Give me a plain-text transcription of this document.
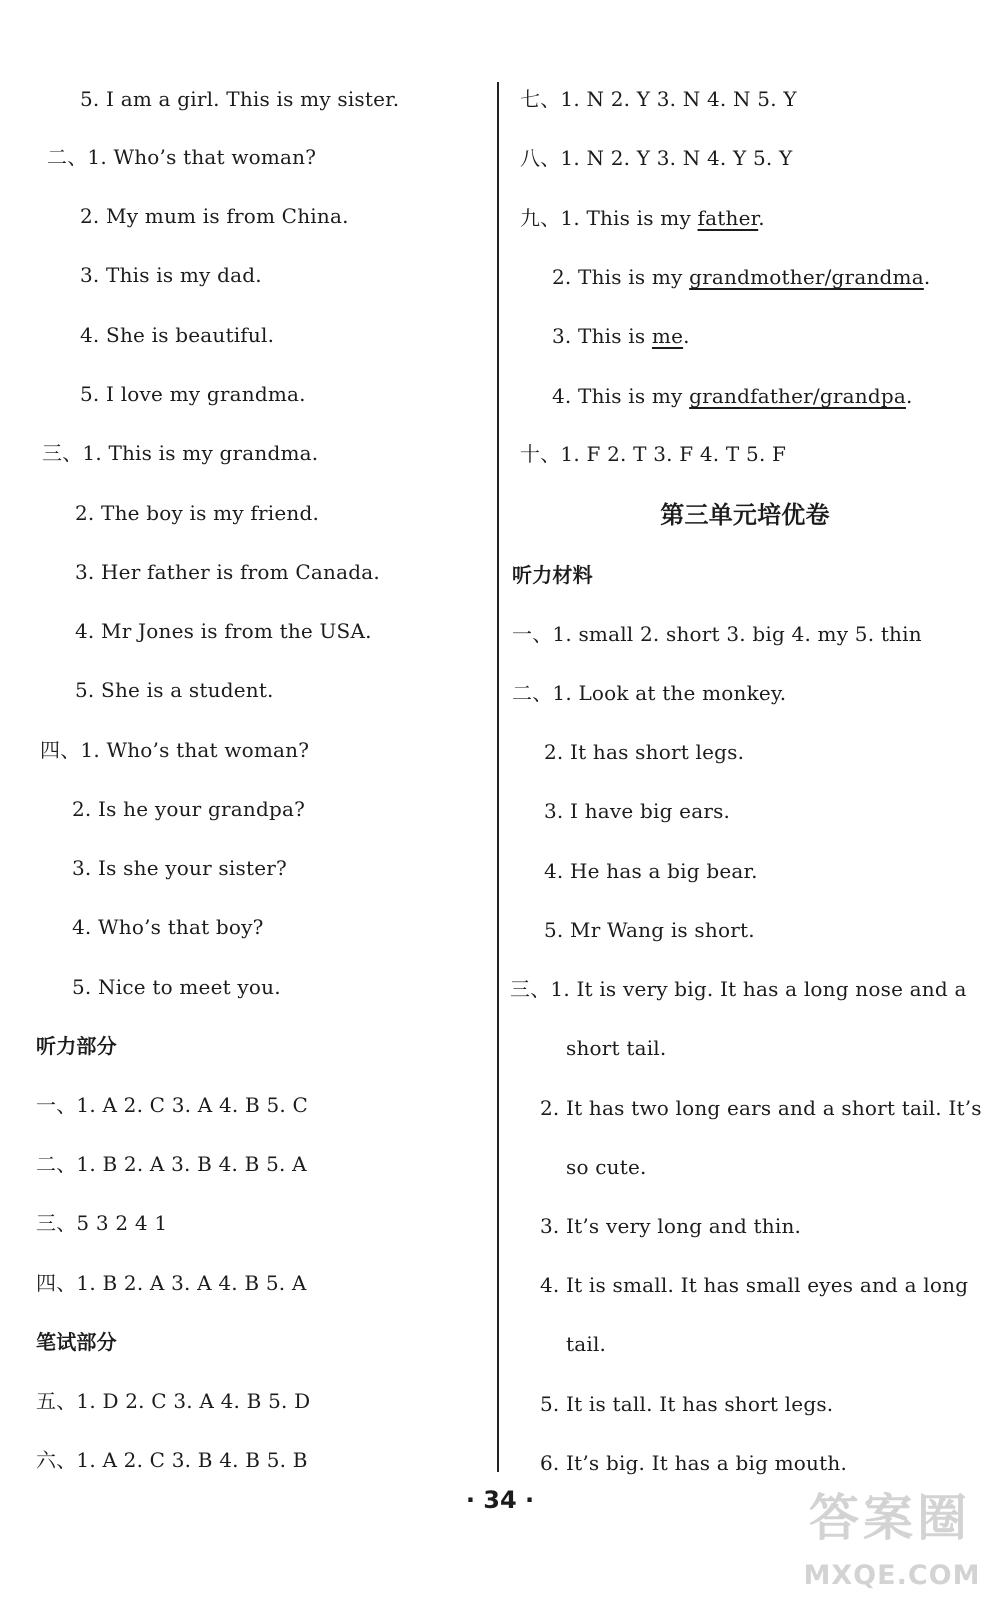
5. I am a girl. This is my sister.
二、1. Who’s that woman?
2. My mum is from China.
3. This is my dad.
4. She is beautiful.
5. I love my grandma.
三、1. This is my grandma.
2. The boy is my friend.
3. Her father is from Canada.
4. Mr Jones is from the USA.
5. She is a student.
四、1. Who’s that woman?
2. Is he your grandpa?
3. Is she your sister?
4. Who’s that boy?
5. Nice to meet you.
听力部分
一、1. A 2. C 3. A 4. B 5. C
二、1. B 2. A 3. B 4. B 5. A
三、5 3 2 4 1
四、1. B 2. A 3. A 4. B 5. A
笔试部分
五、1. D 2. C 3. A 4. B 5. D
六、1. A 2. C 3. B 4. B 5. B
七、1. N 2. Y 3. N 4. N 5. Y
八、1. N 2. Y 3. N 4. Y 5. Y
九、1. This is my father.
2. This is my grandmother/grandma.
3. This is me.
4. This is my grandfather/grandpa.
十、1. F 2. T 3. F 4. T 5. F
第三单元培优卷
听力材料
一、1. small 2. short 3. big 4. my 5. thin
二、1. Look at the monkey.
2. It has short legs.
3. I have big ears.
4. He has a big bear.
5. Mr Wang is short.
三、1. It is very big. It has a long nose and a
short tail.
2. It has two long ears and a short tail. It’s
so cute.
3. It’s very long and thin.
4. It is small. It has small eyes and a long
tail.
5. It is tall. It has short legs.
6. It’s big. It has a big mouth.
· 34 ·	答案圈
MXQE.COM
